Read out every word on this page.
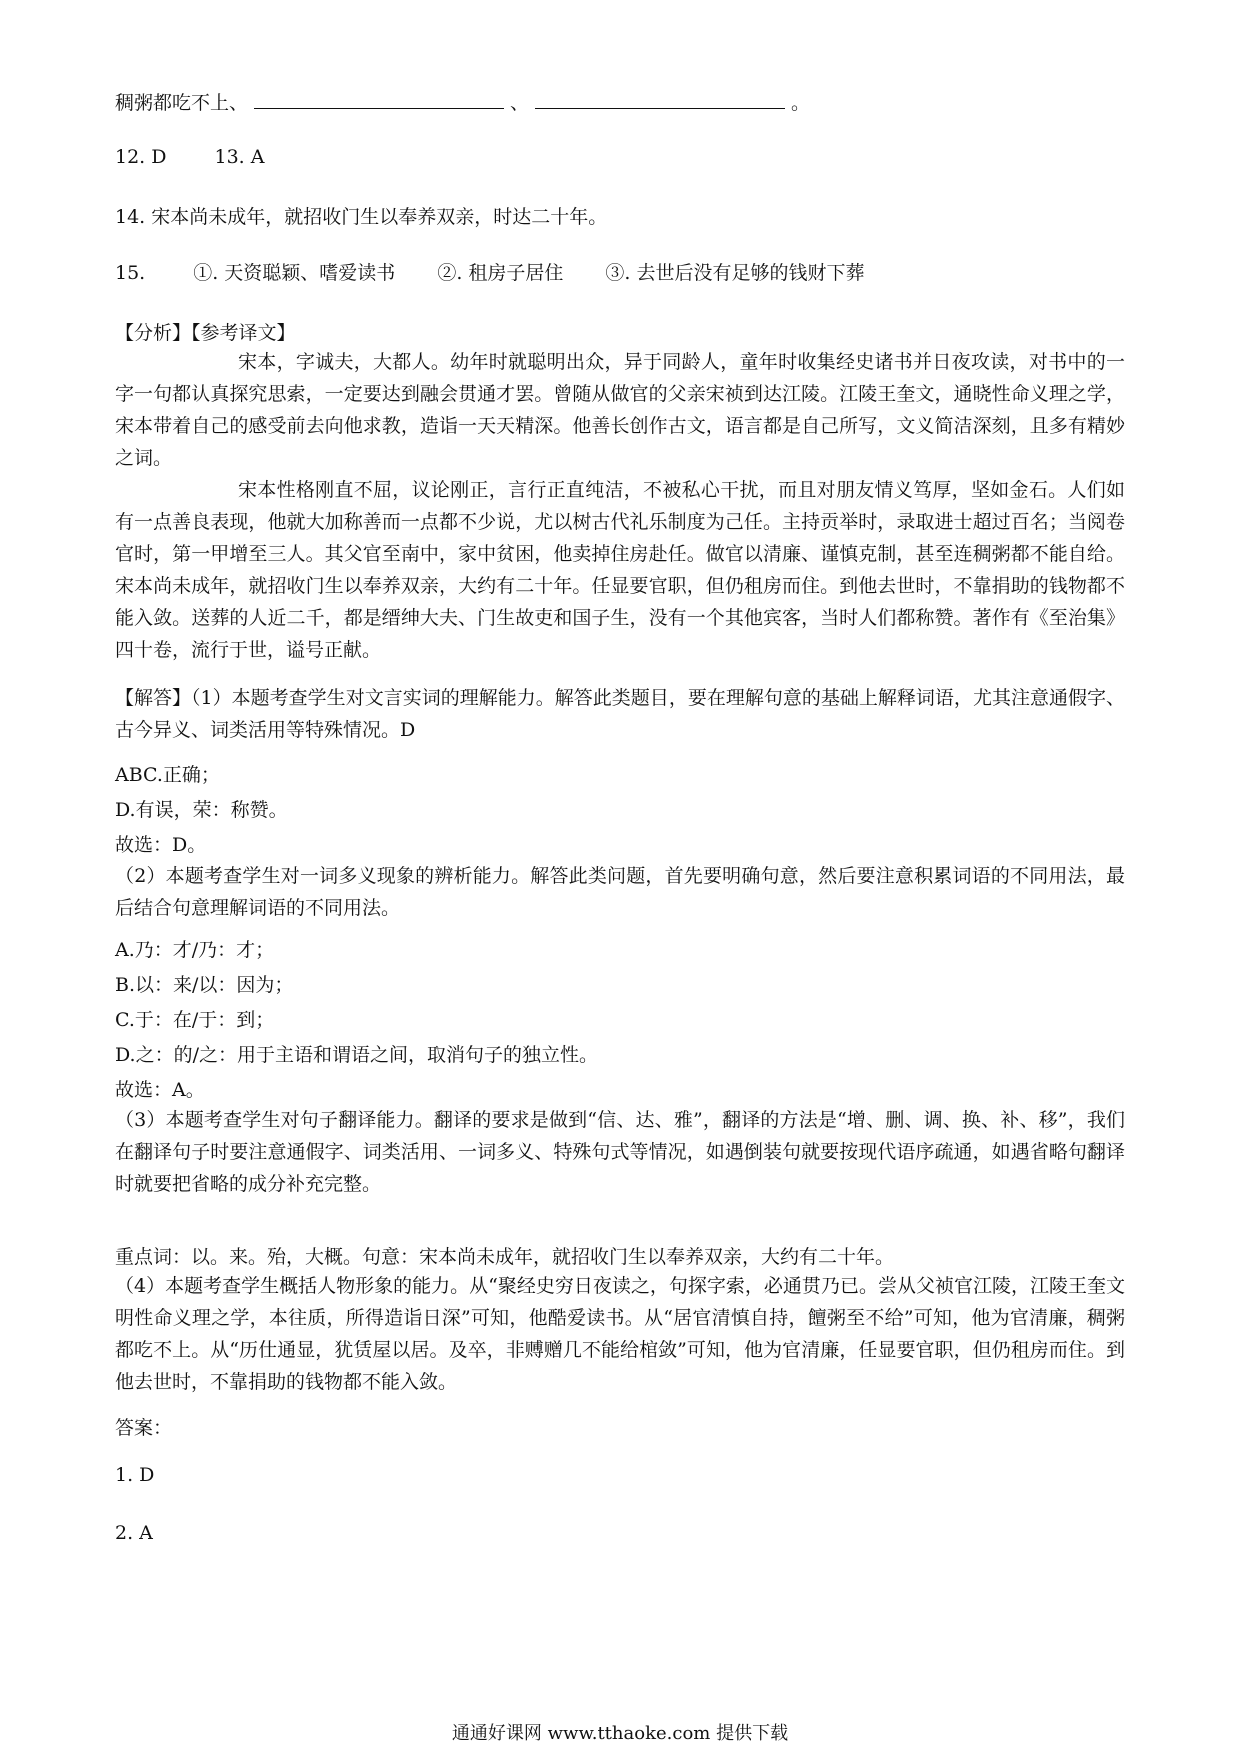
稠粥都吃不上、	、	。
12. D	13. A
14. 宋本尚未成年，就招收门生以奉养双亲，时达二十年。
15.	①. 天资聪颖、嗜爱读书 ②. 租房子居住 ③. 去世后没有足够的钱财下葬
【分析】【参考译文】
宋本，字诚夫，大都人。幼年时就聪明出众，异于同龄人，童年时收集经史诸书并日夜攻读，对书中的一字一句都认真探究思索，一定要达到融会贯通才罢。曾随从做官的父亲宋祯到达江陵。江陵王奎文，通晓性命义理之学，宋本带着自己的感受前去向他求教，造诣一天天精深。他善长创作古文，语言都是自己所写，文义简洁深刻，且多有精妙之词。
宋本性格刚直不屈，议论刚正，言行正直纯洁，不被私心干扰，而且对朋友情义笃厚，坚如金石。人们如有一点善良表现，他就大加称善而一点都不少说，尤以树古代礼乐制度为己任。主持贡举时，录取进士超过百名；当阅卷官时，第一甲增至三人。其父官至南中，家中贫困，他卖掉住房赴任。做官以清廉、谨慎克制，甚至连稠粥都不能自给。宋本尚未成年，就招收门生以奉养双亲，大约有二十年。任显要官职，但仍租房而住。到他去世时，不靠捐助的钱物都不能入敛。送葬的人近二千，都是缙绅大夫、门生故吏和国子生，没有一个其他宾客，当时人们都称赞。著作有《至治集》四十卷，流行于世，谥号正献。
【解答】（1）本题考查学生对文言实词的理解能力。解答此类题目，要在理解句意的基础上解释词语，尤其注意通假字、古今异义、词类活用等特殊情况。D
ABC.正确；
D.有误，荣：称赞。
故选：D。
（2）本题考查学生对一词多义现象的辨析能力。解答此类问题，首先要明确句意，然后要注意积累词语的不同用法，最后结合句意理解词语的不同用法。
A.乃：才/乃：才；
B.以：来/以：因为；
C.于：在/于：到；
D.之：的/之：用于主语和谓语之间，取消句子的独立性。
故选：A。
（3）本题考查学生对句子翻译能力。翻译的要求是做到“信、达、雅”，翻译的方法是“增、删、调、换、补、移”，我们在翻译句子时要注意通假字、词类活用、一词多义、特殊句式等情况，如遇倒装句就要按现代语序疏通，如遇省略句翻译时就要把省略的成分补充完整。
重点词：以。来。殆，大概。句意：宋本尚未成年，就招收门生以奉养双亲，大约有二十年。
（4）本题考查学生概括人物形象的能力。从“聚经史穷日夜读之，句探字索，必通贯乃已。尝从父祯官江陵，江陵王奎文明性命义理之学，本往质，所得造诣日深”可知，他酷爱读书。从“居官清慎自持，饘粥至不给”可知，他为官清廉，稠粥都吃不上。从“历仕通显，犹赁屋以居。及卒，非赙赠几不能给棺敛”可知，他为官清廉，任显要官职，但仍租房而住。到他去世时，不靠捐助的钱物都不能入敛。
答案：
1. D
2. A
通通好课网 www.tthaoke.com 提供下载
